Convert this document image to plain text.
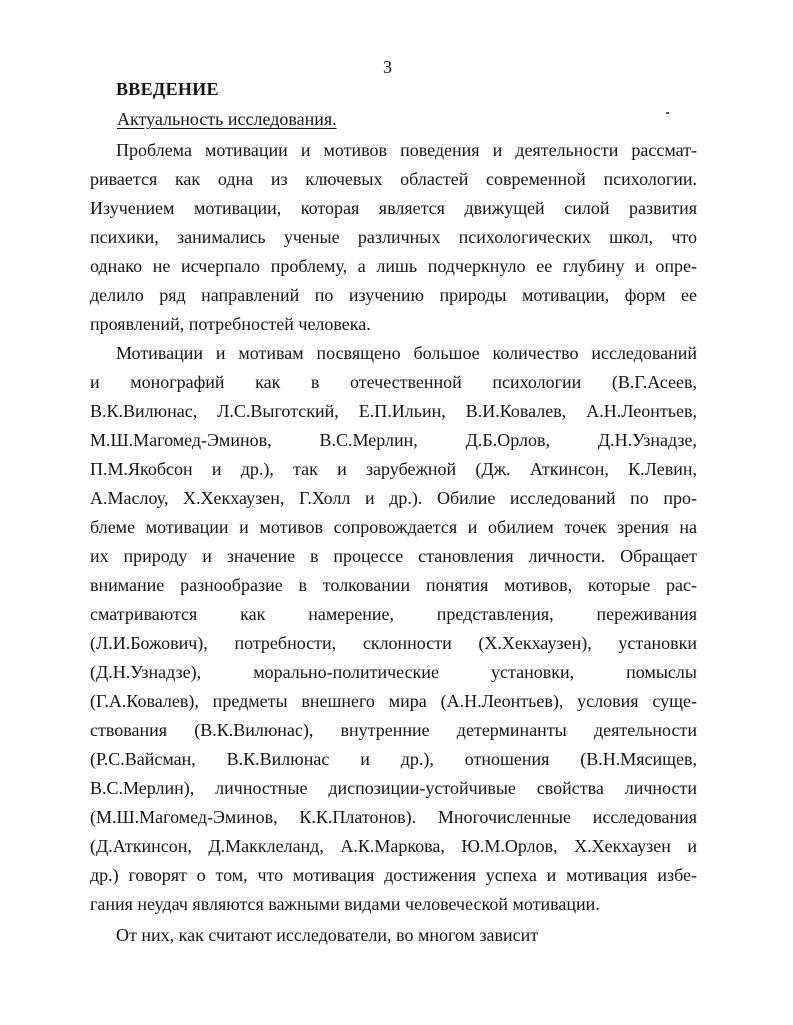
3
ВВЕДЕНИЕ
Актуальность исследования.
Проблема мотивации и мотивов поведения и деятельности рассмат-
ривается как одна из ключевых областей современной психологии.
Изучением мотивации, которая является движущей силой развития
психики, занимались ученые различных психологических школ, что
однако не исчерпало проблему, а лишь подчеркнуло ее глубину и опре-
делило ряд направлений по изучению природы мотивации, форм ее
проявлений, потребностей человека.
Мотивации и мотивам посвящено большое количество исследований
и монографий как в отечественной психологии (В.Г.Асеев,
В.К.Вилюнас, Л.С.Выготский, Е.П.Ильин, В.И.Ковалев, А.Н.Леонтьев,
М.Ш.Магомед-Эминов, В.С.Мерлин, Д.Б.Орлов, Д.Н.Узнадзе,
П.М.Якобсон и др.), так и зарубежной (Дж. Аткинсон, К.Левин,
А.Маслоу, Х.Хекхаузен, Г.Холл и др.). Обилие исследований по про-
блеме мотивации и мотивов сопровождается и обилием точек зрения на
их природу и значение в процессе становления личности. Обращает
внимание разнообразие в толковании понятия мотивов, которые рас-
сматриваются как намерение, представления, переживания
(Л.И.Божович), потребности, склонности (Х.Хекхаузен), установки
(Д.Н.Узнадзе), морально-политические установки, помыслы
(Г.А.Ковалев), предметы внешнего мира (А.Н.Леонтьев), условия суще-
ствования (В.К.Вилюнас), внутренние детерминанты деятельности
(Р.С.Вайсман, В.К.Вилюнас и др.), отношения (В.Н.Мясищев,
В.С.Мерлин), личностные диспозиции-устойчивые свойства личности
(М.Ш.Магомед-Эминов, К.К.Платонов). Многочисленные исследования
(Д.Аткинсон, Д.Макклеланд, А.К.Маркова, Ю.М.Орлов, Х.Хекхаузен и
др.) говорят о том, что мотивация достижения успеха и мотивация избе-
гания неудач являются важными видами человеческой мотивации.
От них, как считают исследователи, во многом зависит
